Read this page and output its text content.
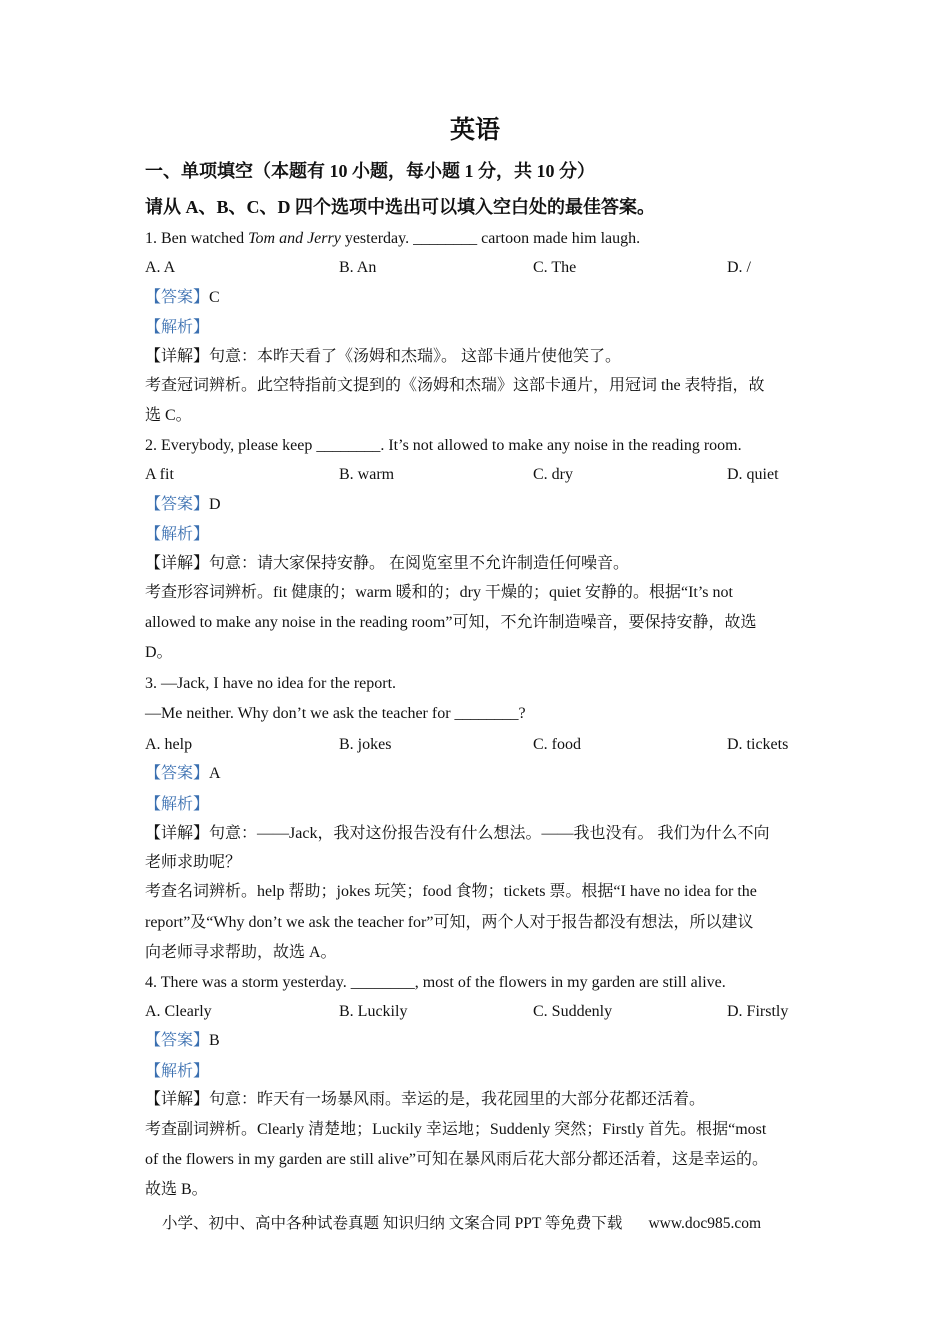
英语
一、单项填空（本题有 10 小题，每小题 1 分，共 10 分）
请从 A、B、C、D 四个选项中选出可以填入空白处的最佳答案。
1. Ben watched Tom and Jerry yesterday. ________ cartoon made him laugh.
A. A	B. An	C. The	D. /
【答案】C
【解析】
【详解】句意：本昨天看了《汤姆和杰瑞》。 这部卡通片使他笑了。
考查冠词辨析。此空特指前文提到的《汤姆和杰瑞》这部卡通片，用冠词 the 表特指，故
选 C。
2. Everybody, please keep ________. It’s not allowed to make any noise in the reading room.
A fit	B. warm	C. dry	D. quiet
【答案】D
【解析】
【详解】句意：请大家保持安静。 在阅览室里不允许制造任何噪音。
考查形容词辨析。fit 健康的；warm 暖和的；dry 干燥的；quiet 安静的。根据“It’s not
allowed to make any noise in the reading room”可知，不允许制造噪音，要保持安静，故选
D。
3. —Jack, I have no idea for the report.
—Me neither. Why don’t we ask the teacher for ________?
A. help	B. jokes	C. food	D. tickets
【答案】A
【解析】
【详解】句意：——Jack，我对这份报告没有什么想法。——我也没有。 我们为什么不向
老师求助呢？
考查名词辨析。help 帮助；jokes 玩笑；food 食物；tickets 票。根据“I have no idea for the
report”及“Why don’t we ask the teacher for”可知，两个人对于报告都没有想法，所以建议
向老师寻求帮助，故选 A。
4. There was a storm yesterday. ________, most of the flowers in my garden are still alive.
A. Clearly	B. Luckily	C. Suddenly	D. Firstly
【答案】B
【解析】
【详解】句意：昨天有一场暴风雨。幸运的是，我花园里的大部分花都还活着。
考查副词辨析。Clearly 清楚地；Luckily 幸运地；Suddenly 突然；Firstly 首先。根据“most
of the flowers in my garden are still alive”可知在暴风雨后花大部分都还活着，这是幸运的。
故选 B。
小学、初中、高中各种试卷真题 知识归纳 文案合同 PPT 等免费下载 www.doc985.com
